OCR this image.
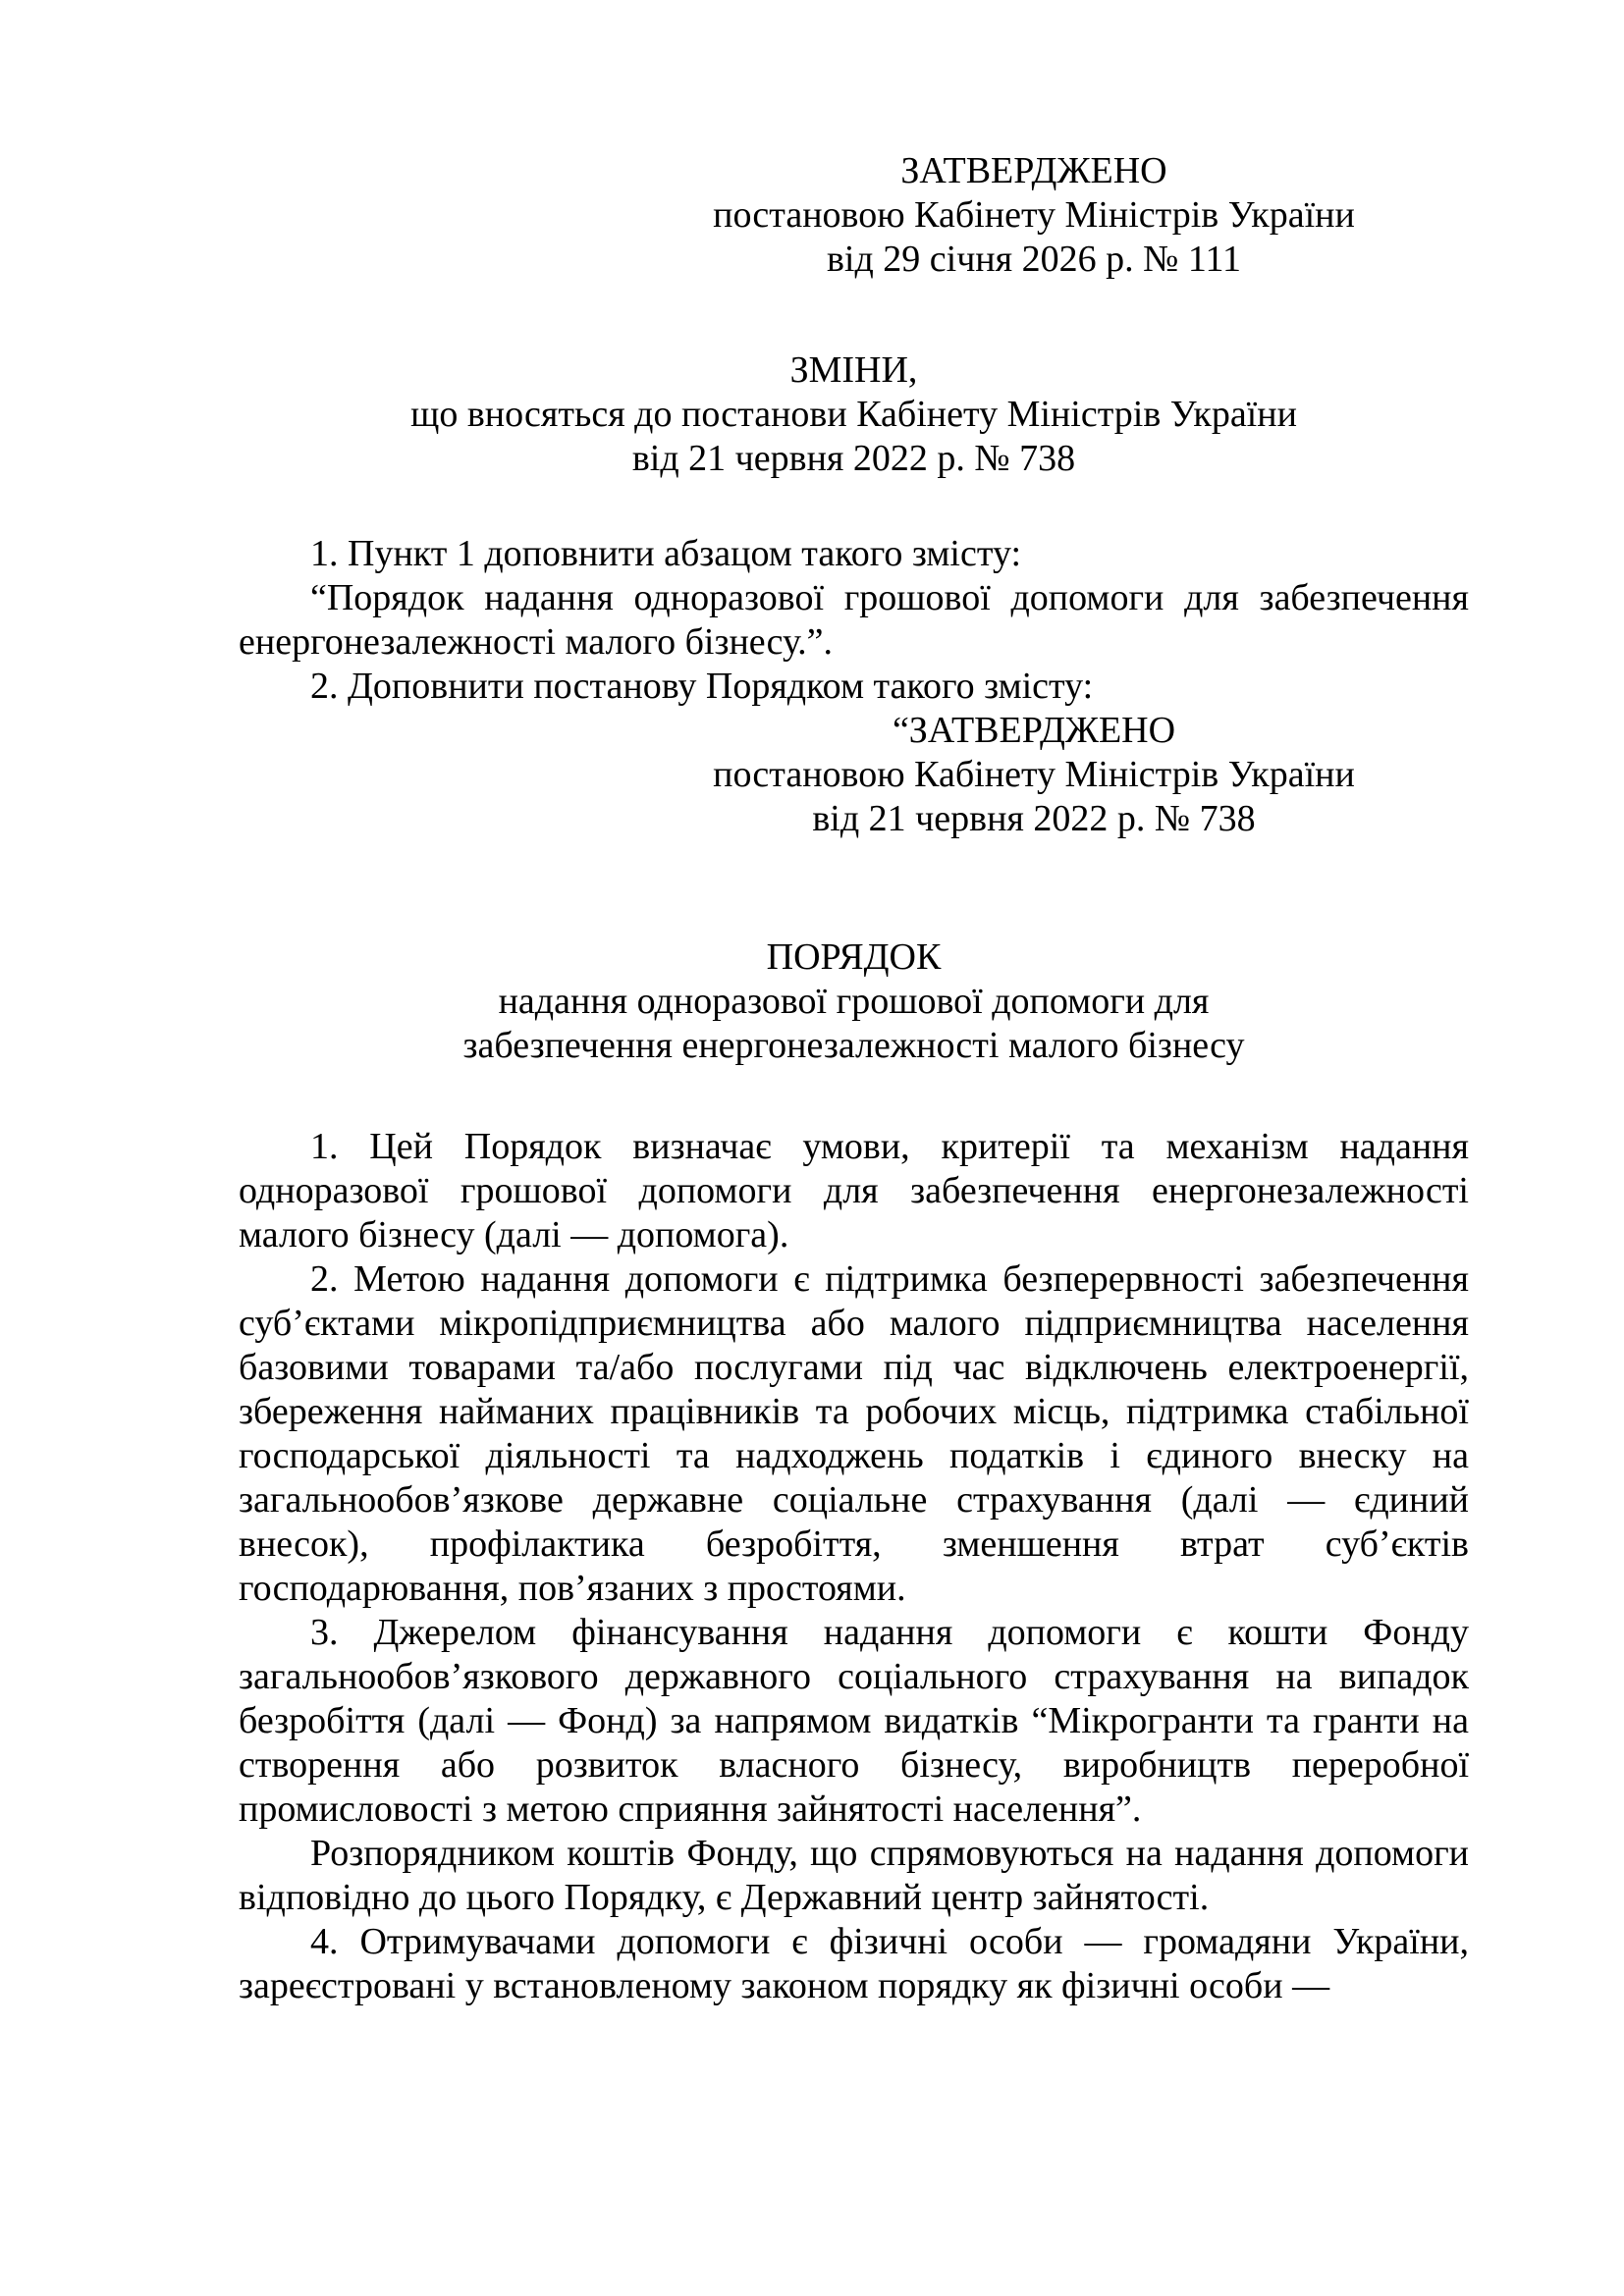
ЗАТВЕРДЖЕНО
постановою Кабінету Міністрів України
від 29 січня 2026 р. № 111
ЗМІНИ,
що вносяться до постанови Кабінету Міністрів України
від 21 червня 2022 р. № 738

1. Пункт 1 доповнити абзацом такого змісту:

“Порядок надання одноразової грошової допомоги для забезпечення енергонезалежності малого бізнесу.”.

2. Доповнити постанову Порядком такого змісту:

“ЗАТВЕРДЖЕНО
постановою Кабінету Міністрів України
від 21 червня 2022 р. № 738
ПОРЯДОК
надання одноразової грошової допомоги для
забезпечення енергонезалежності малого бізнесу

1. Цей Порядок визначає умови, критерії та механізм надання одноразової грошової допомоги для забезпечення енергонезалежності малого бізнесу (далі — допомога).

2. Метою надання допомоги є підтримка безперервності забезпечення суб’єктами мікропідприємництва або малого підприємництва населення базовими товарами та/або послугами під час відключень електроенергії, збереження найманих працівників та робочих місць, підтримка стабільної господарської діяльності та надходжень податків і єдиного внеску на загальнообов’язкове державне соціальне страхування (далі — єдиний внесок), профілактика безробіття, зменшення втрат суб’єктів господарювання, пов’язаних з простоями.

3. Джерелом фінансування надання допомоги є кошти Фонду загальнообов’язкового державного соціального страхування на випадок безробіття (далі — Фонд) за напрямом видатків “Мікрогранти та гранти на створення або розвиток власного бізнесу, виробництв переробної промисловості з метою сприяння зайнятості населення”.

Розпорядником коштів Фонду, що спрямовуються на надання допомоги відповідно до цього Порядку, є Державний центр зайнятості.

4. Отримувачами допомоги є фізичні особи — громадяни України, зареєстровані у встановленому законом порядку як фізичні особи —
